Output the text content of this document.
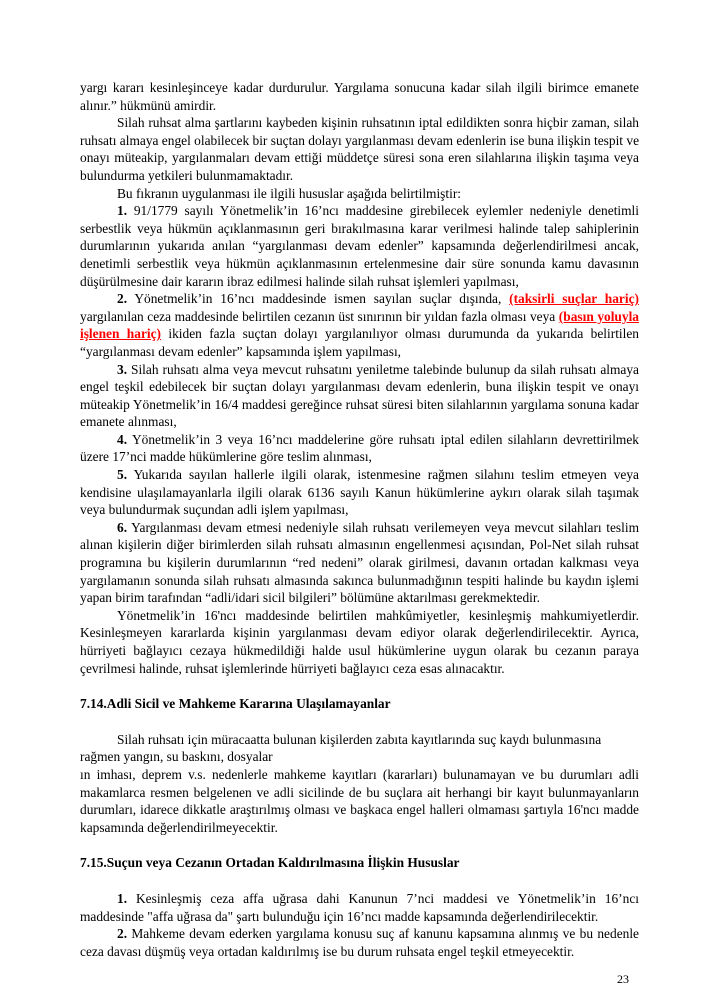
yargı kararı kesinleşinceye kadar durdurulur. Yargılama sonucuna kadar silah ilgili birimce emanete alınır.” hükmünü amirdir.

Silah ruhsat alma şartlarını kaybeden kişinin ruhsatının iptal edildikten sonra hiçbir zaman, silah ruhsatı almaya engel olabilecek bir suçtan dolayı yargılanması devam edenlerin ise buna ilişkin tespit ve onayı müteakip, yargılanmaları devam ettiği müddetçe süresi sona eren silahlarına ilişkin taşıma veya bulundurma yetkileri bulunmamaktadır.

Bu fıkranın uygulanması ile ilgili hususlar aşağıda belirtilmiştir:

1. 91/1779 sayılı Yönetmelik’in 16’ncı maddesine girebilecek eylemler nedeniyle denetimli serbestlik veya hükmün açıklanmasının geri bırakılmasına karar verilmesi halinde talep sahiplerinin durumlarının yukarıda anılan “yargılanması devam edenler” kapsamında değerlendirilmesi ancak, denetimli serbestlik veya hükmün açıklanmasının ertelenmesine dair süre sonunda kamu davasının düşürülmesine dair kararın ibraz edilmesi halinde silah ruhsat işlemleri yapılması,

2. Yönetmelik’in 16’ncı maddesinde ismen sayılan suçlar dışında, (taksirli suçlar hariç) yargılanılan ceza maddesinde belirtilen cezanın üst sınırının bir yıldan fazla olması veya (basın yoluyla işlenen hariç) ikiden fazla suçtan dolayı yargılanılıyor olması durumunda da yukarıda belirtilen “yargılanması devam edenler” kapsamında işlem yapılması,

3. Silah ruhsatı alma veya mevcut ruhsatını yeniletme talebinde bulunup da silah ruhsatı almaya engel teşkil edebilecek bir suçtan dolayı yargılanması devam edenlerin, buna ilişkin tespit ve onayı müteakip Yönetmelik’in 16/4 maddesi gereğince ruhsat süresi biten silahlarının yargılama sonuna kadar emanete alınması,

4. Yönetmelik’in 3 veya 16’ncı maddelerine göre ruhsatı iptal edilen silahların devrettirilmek üzere 17’nci madde hükümlerine göre teslim alınması,

5. Yukarıda sayılan hallerle ilgili olarak, istenmesine rağmen silahını teslim etmeyen veya kendisine ulaşılamayanlarla ilgili olarak 6136 sayılı Kanun hükümlerine aykırı olarak silah taşımak veya bulundurmak suçundan adli işlem yapılması,

6. Yargılanması devam etmesi nedeniyle silah ruhsatı verilemeyen veya mevcut silahları teslim alınan kişilerin diğer birimlerden silah ruhsatı almasının engellenmesi açısından, Pol-Net silah ruhsat programına bu kişilerin durumlarının “red nedeni” olarak girilmesi, davanın ortadan kalkması veya yargılamanın sonunda silah ruhsatı almasında sakınca bulunmadığının tespiti halinde bu kaydın işlemi yapan birim tarafından “adli/idari sicil bilgileri” bölümüne aktarılması gerekmektedir.

Yönetmelik’in 16'ncı maddesinde belirtilen mahkûmiyetler, kesinleşmiş mahkumiyetlerdir. Kesinleşmeyen kararlarda kişinin yargılanması devam ediyor olarak değerlendirilecektir. Ayrıca, hürriyeti bağlayıcı cezaya hükmedildiği halde usul hükümlerine uygun olarak bu cezanın paraya çevrilmesi halinde, ruhsat işlemlerinde hürriyeti bağlayıcı ceza esas alınacaktır.

7.14.Adli Sicil ve Mahkeme Kararına Ulaşılamayanlar

Silah ruhsatı için müracaatta bulunan kişilerden zabıta kayıtlarında suç kaydı bulunmasına rağmen yangın, su baskını, dosyalar

ın imhası, deprem v.s. nedenlerle mahkeme kayıtları (kararları) bulunamayan ve bu durumları adli makamlarca resmen belgelenen ve adli sicilinde de bu suçlara ait herhangi bir kayıt bulunmayanların durumları, idarece dikkatle araştırılmış olması ve başkaca engel halleri olmaması şartıyla 16'ncı madde kapsamında değerlendirilmeyecektir.

7.15.Suçun veya Cezanın Ortadan Kaldırılmasına İlişkin Hususlar

1. Kesinleşmiş ceza affa uğrasa dahi Kanunun 7’nci maddesi ve Yönetmelik’in 16’ncı maddesinde "affa uğrasa da" şartı bulunduğu için 16’ncı madde kapsamında değerlendirilecektir.

2. Mahkeme devam ederken yargılama konusu suç af kanunu kapsamına alınmış ve bu nedenle ceza davası düşmüş veya ortadan kaldırılmış ise bu durum ruhsata engel teşkil etmeyecektir.

23
